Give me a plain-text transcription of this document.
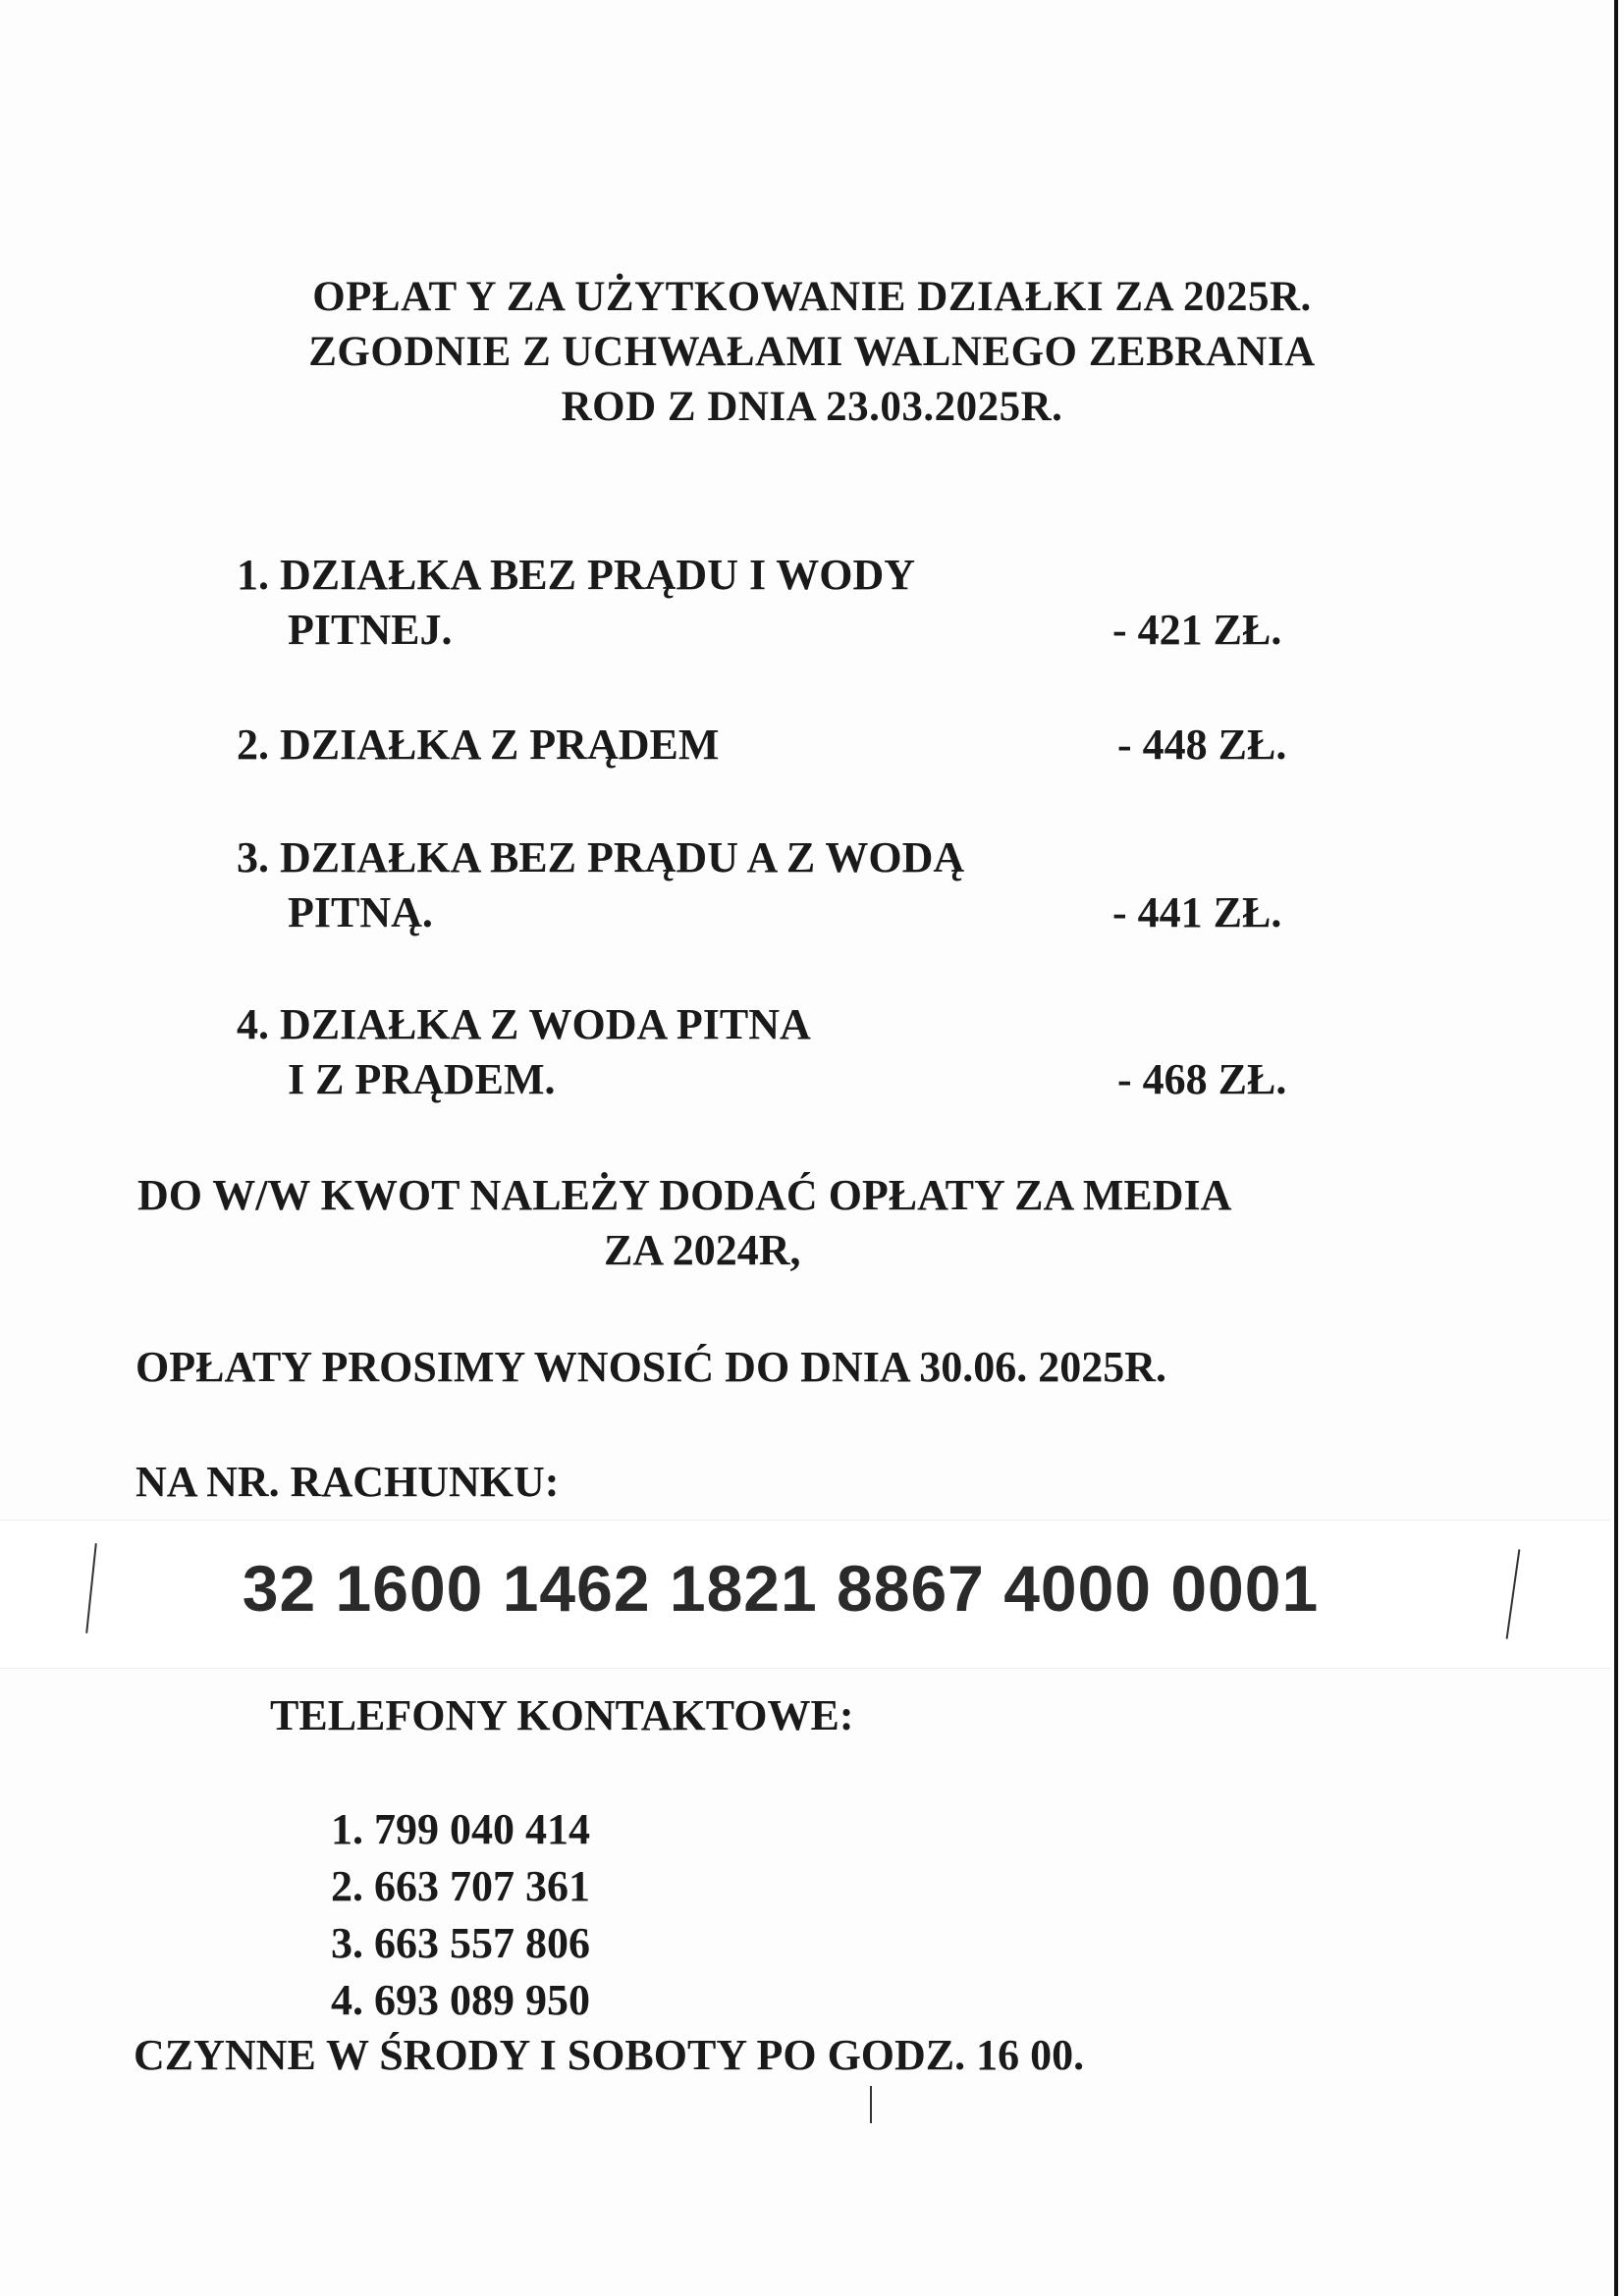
OPŁAT Y ZA UŻYTKOWANIE DZIAŁKI ZA 2025R.
ZGODNIE Z UCHWAŁAMI WALNEGO ZEBRANIA
ROD Z DNIA 23.03.2025R.
1. DZIAŁKA BEZ PRĄDU I WODY
PITNEJ.	- 421 ZŁ.
2. DZIAŁKA Z PRĄDEM	- 448 ZŁ.
3. DZIAŁKA BEZ PRĄDU A Z WODĄ
PITNĄ.	- 441 ZŁ.
4. DZIAŁKA Z WODA PITNA
I Z PRĄDEM.	- 468 ZŁ.
DO W/W KWOT NALEŻY DODAĆ OPŁATY ZA MEDIA
ZA 2024R,
OPŁATY PROSIMY WNOSIĆ DO DNIA 30.06. 2025R.
NA NR. RACHUNKU:
32 1600 1462 1821 8867 4000 0001
TELEFONY KONTAKTOWE:
1. 799 040 414
2. 663 707 361
3. 663 557 806
4. 693 089 950
CZYNNE W ŚRODY I SOBOTY PO GODZ. 16 00.
